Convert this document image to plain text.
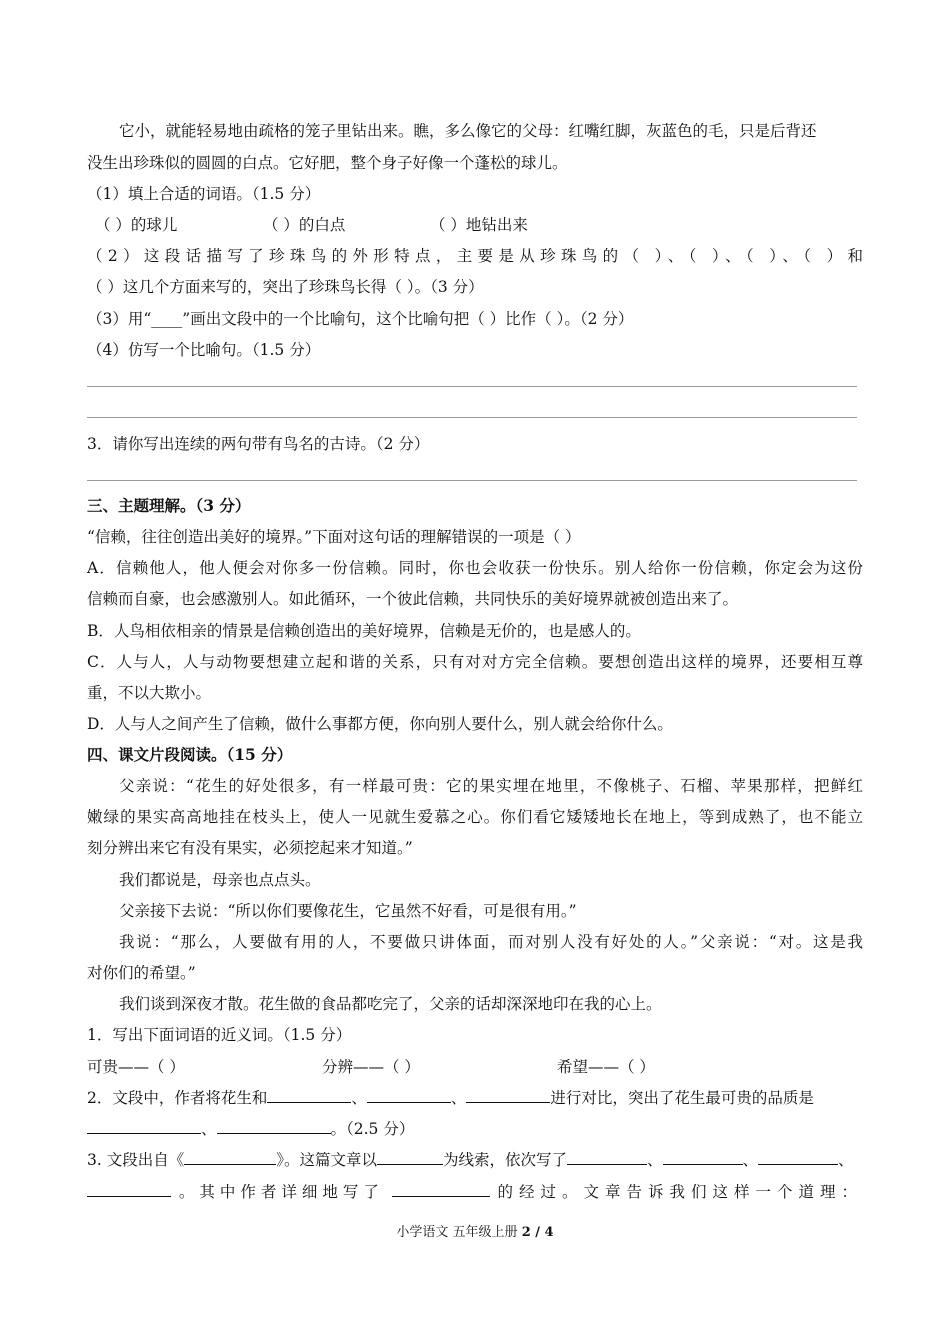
它小，就能轻易地由疏格的笼子里钻出来。瞧，多么像它的父母：红嘴红脚，灰蓝色的毛，只是后背还
没生出珍珠似的圆圆的白点。它好肥，整个身子好像一个蓬松的球儿。
（1）填上合适的词语。（1.5 分）
（ ）的球儿	（ ）的白点	（ ）地钻出来
（2）这段话描写了珍珠鸟的外形特点，主要是从珍珠鸟的（ ）、（ ）、（ ）、（ ）和
（ ）这几个方面来写的，突出了珍珠鸟长得（ ）。（3 分）
（3）用“____”画出文段中的一个比喻句，这个比喻句把（ ）比作（ ）。（2 分）
（4）仿写一个比喻句。（1.5 分）
3．请你写出连续的两句带有鸟名的古诗。（2 分）
三、主题理解。（3 分）
“信赖，往往创造出美好的境界。”下面对这句话的理解错误的一项是（ ）
A．信赖他人，他人便会对你多一份信赖。同时，你也会收获一份快乐。别人给你一份信赖，你定会为这份
信赖而自豪，也会感激别人。如此循环，一个彼此信赖，共同快乐的美好境界就被创造出来了。
B．人鸟相依相亲的情景是信赖创造出的美好境界，信赖是无价的，也是感人的。
C．人与人，人与动物要想建立起和谐的关系，只有对对方完全信赖。要想创造出这样的境界，还要相互尊
重，不以大欺小。
D．人与人之间产生了信赖，做什么事都方便，你向别人要什么，别人就会给你什么。
四、课文片段阅读。（15 分）
父亲说：“花生的好处很多，有一样最可贵：它的果实埋在地里，不像桃子、石榴、苹果那样，把鲜红
嫩绿的果实高高地挂在枝头上，使人一见就生爱慕之心。你们看它矮矮地长在地上，等到成熟了，也不能立
刻分辨出来它有没有果实，必须挖起来才知道。”
我们都说是，母亲也点点头。
父亲接下去说：“所以你们要像花生，它虽然不好看，可是很有用。”
我说：“那么，人要做有用的人，不要做只讲体面，而对别人没有好处的人。”父亲说：“对。这是我
对你们的希望。”
我们谈到深夜才散。花生做的食品都吃完了，父亲的话却深深地印在我的心上。
1．写出下面词语的近义词。（1.5 分）
可贵——（ ）	分辨——（ ）	希望——（ ）
2．文段中，作者将花生和	、	、	进行对比，突出了花生最可贵的品质是
、	。（2.5 分）
3. 文段出自《	》。这篇文章以	为线索，依次写了	、	、	、
。其中作者详细地写了	的经过。文章告诉我们这样一个道理：
小学语文 五年级上册 2 / 4
